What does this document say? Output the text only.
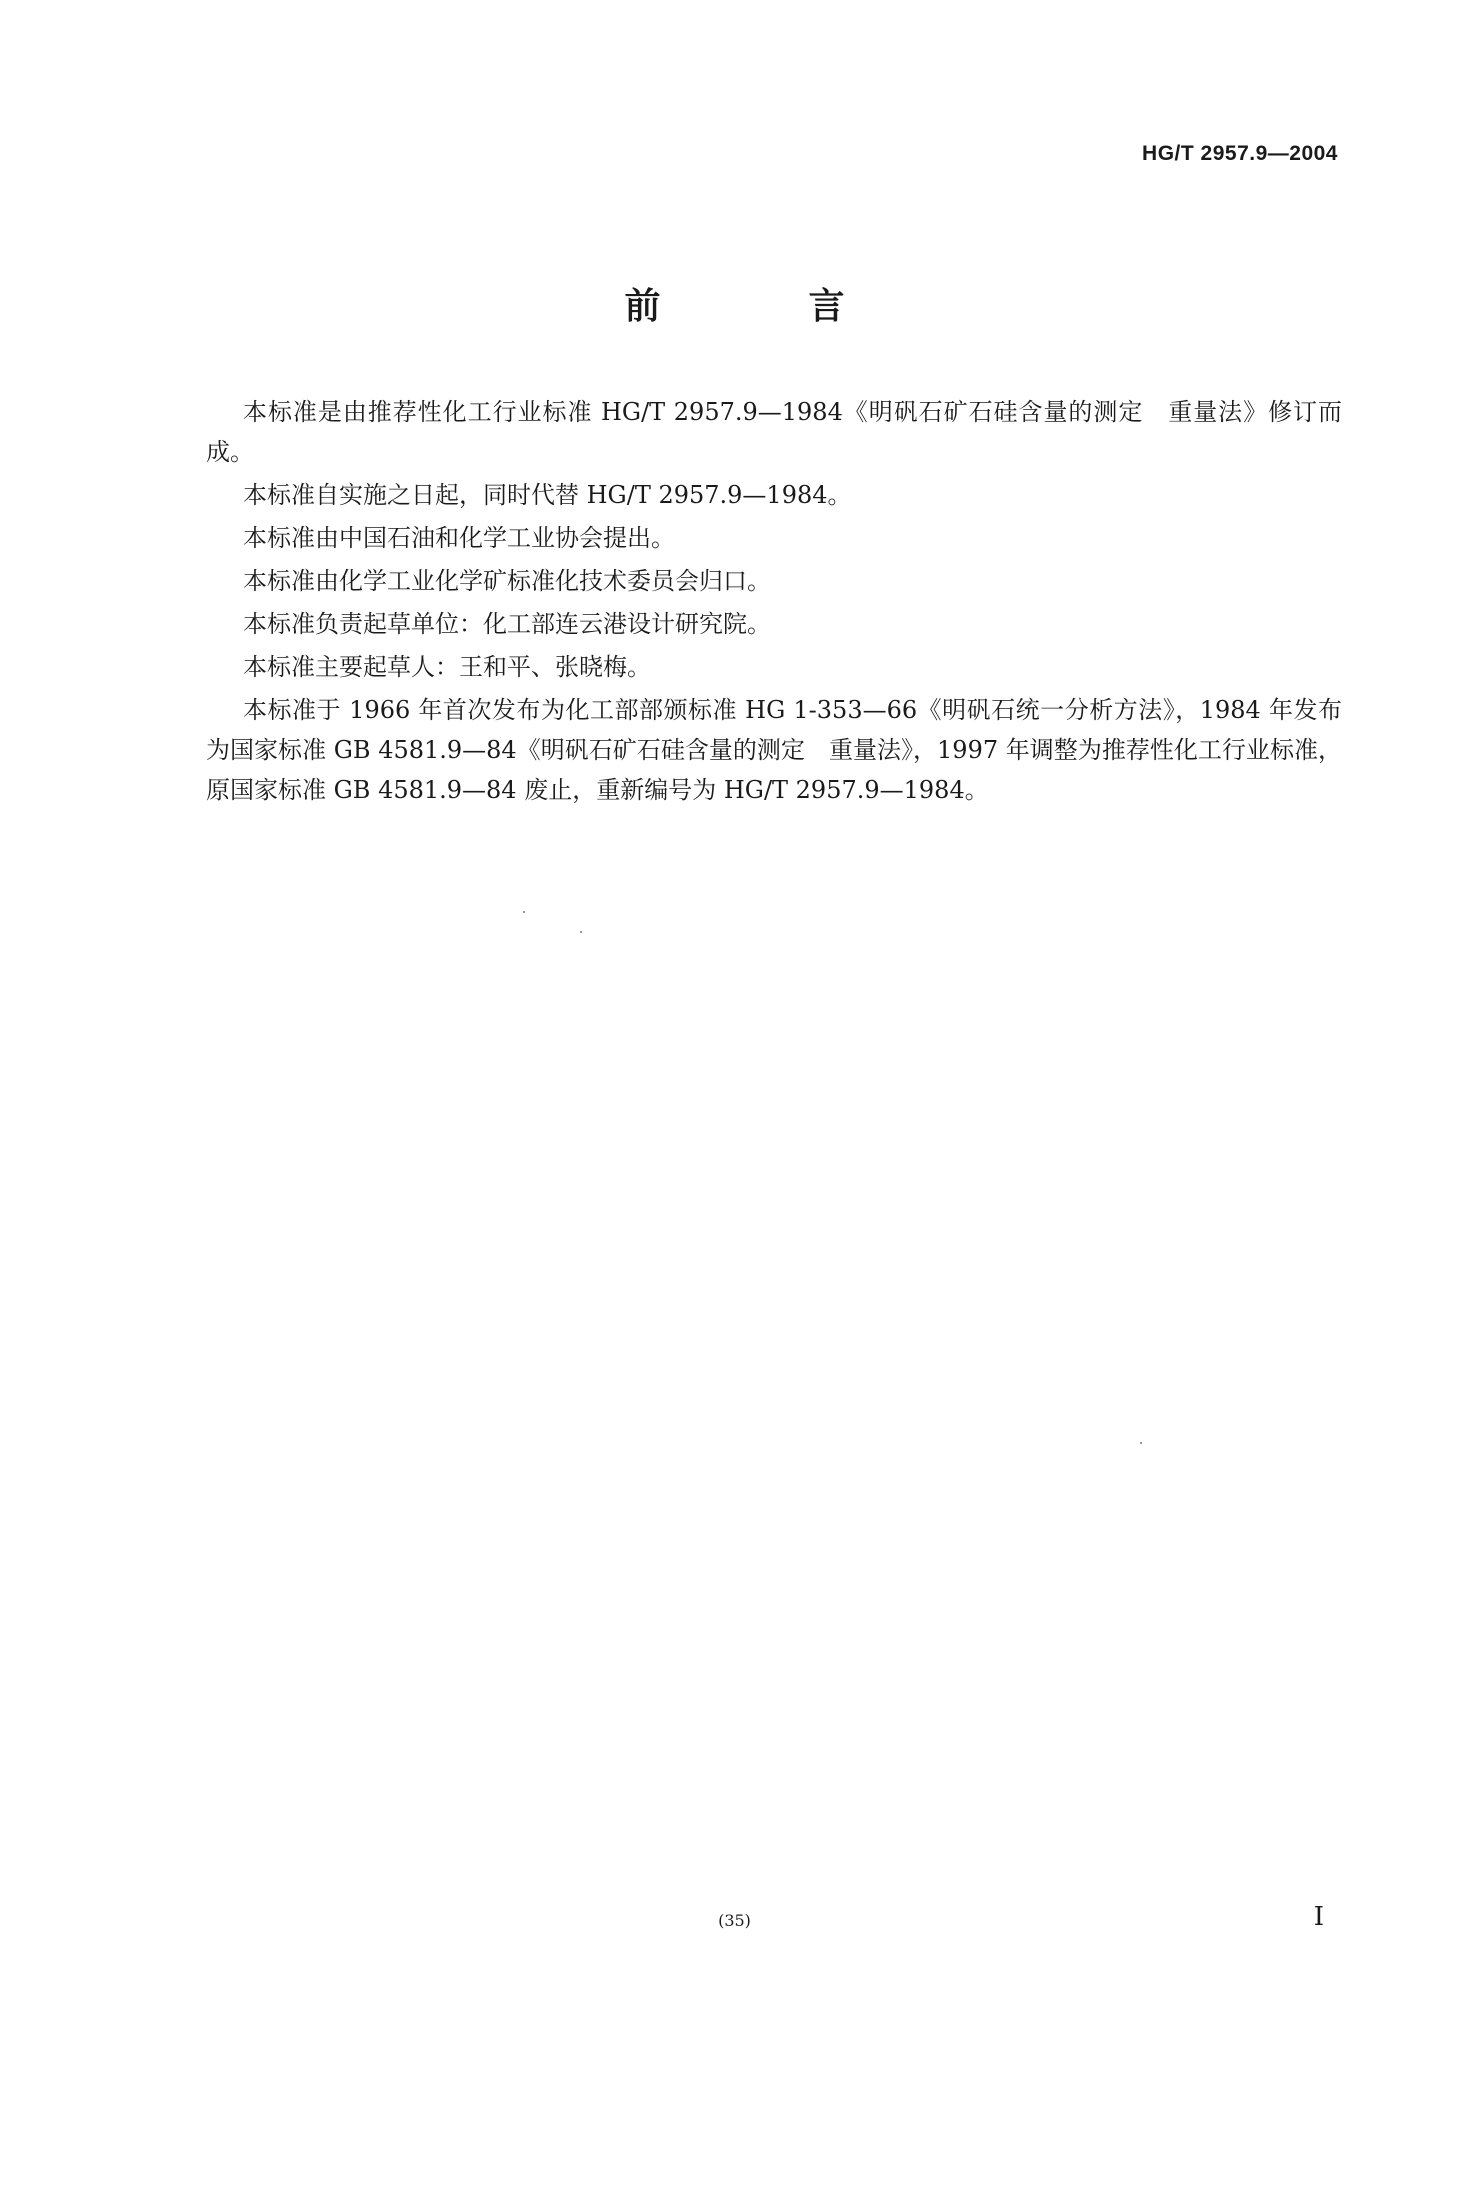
HG/T 2957.9—2004
前　言

本标准是由推荐性化工行业标准 HG/T 2957.9—1984《明矾石矿石硅含量的测定　重量法》修订而成。

本标准自实施之日起，同时代替 HG/T 2957.9—1984。

本标准由中国石油和化学工业协会提出。

本标准由化学工业化学矿标准化技术委员会归口。

本标准负责起草单位：化工部连云港设计研究院。

本标准主要起草人：王和平、张晓梅。

本标准于 1966 年首次发布为化工部部颁标准 HG 1-353—66《明矾石统一分析方法》，1984 年发布为国家标准 GB 4581.9—84《明矾石矿石硅含量的测定　重量法》，1997 年调整为推荐性化工行业标准，原国家标准 GB 4581.9—84 废止，重新编号为 HG/T 2957.9—1984。

(35)	I
